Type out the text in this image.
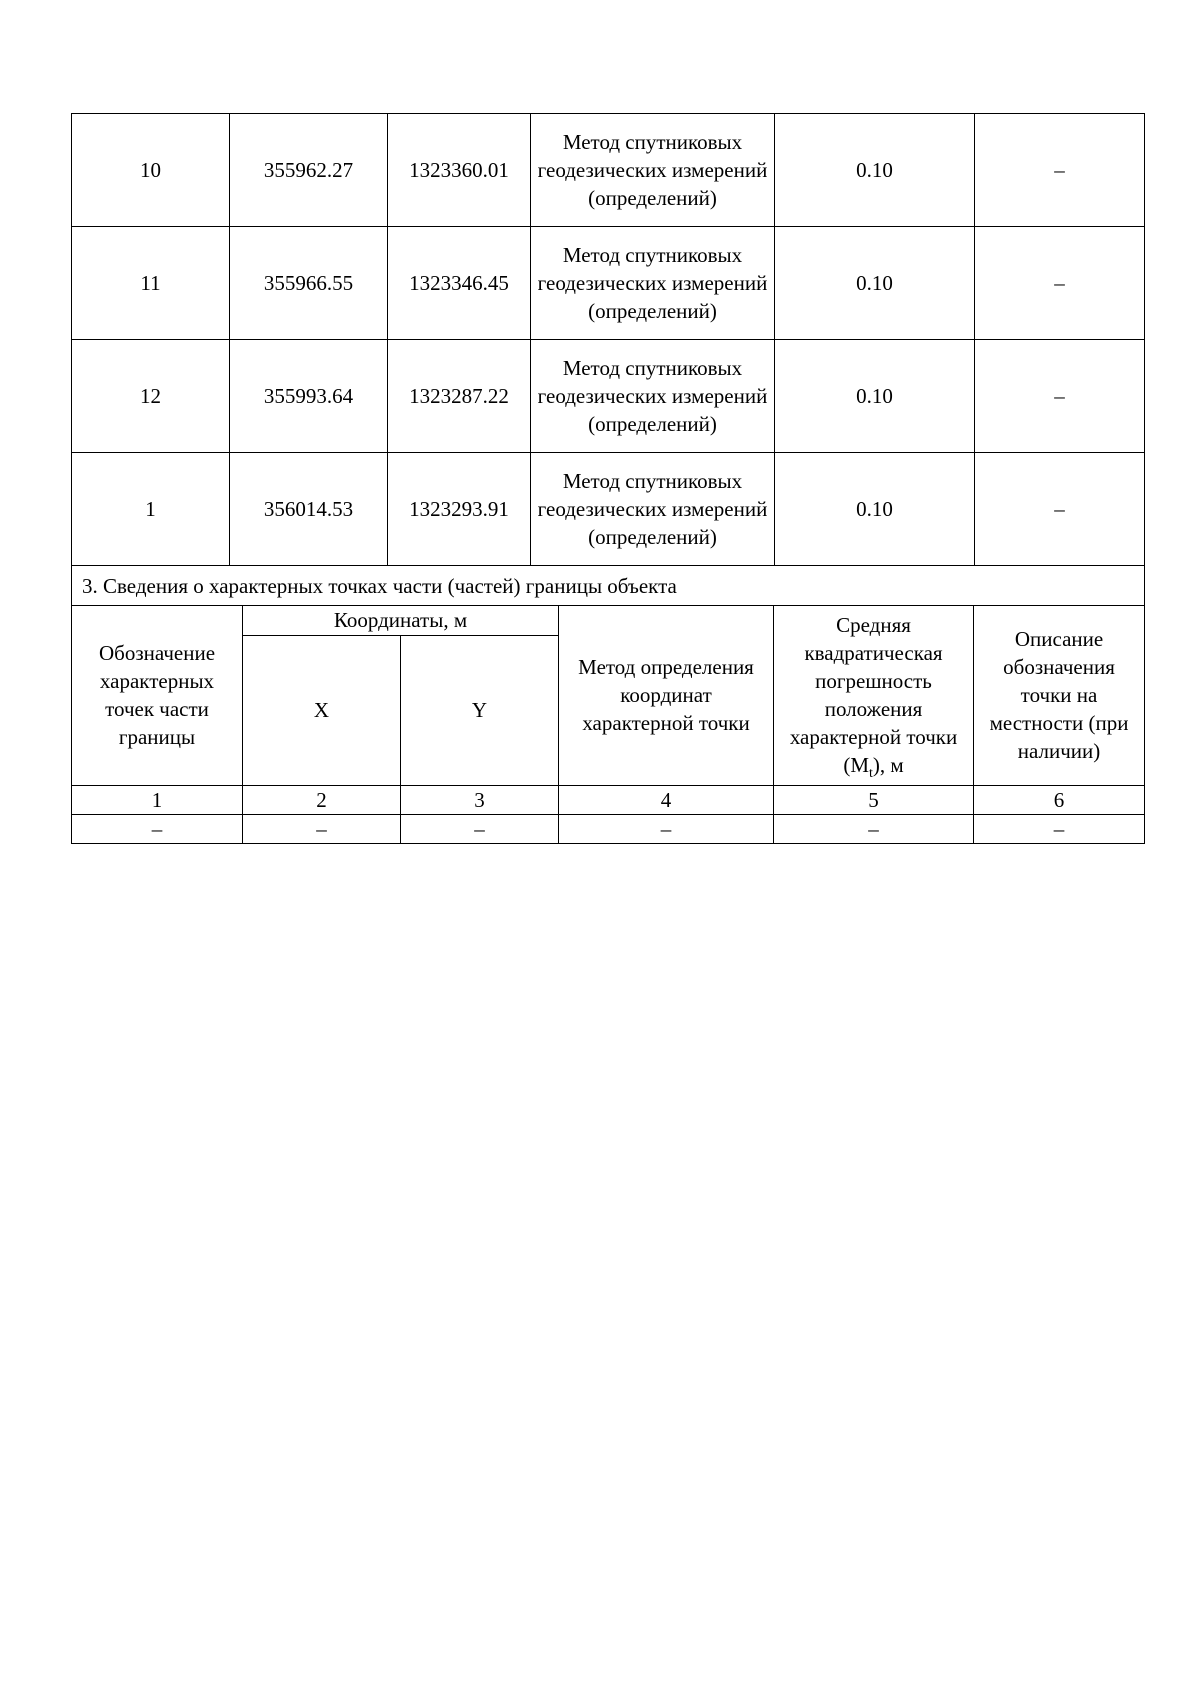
10	355962.27	1323360.01	Метод спутниковых геодезических измерений (определений)	0.10	–
11	355966.55	1323346.45	Метод спутниковых геодезических измерений (определений)	0.10	–
12	355993.64	1323287.22	Метод спутниковых геодезических измерений (определений)	0.10	–
1	356014.53	1323293.91	Метод спутниковых геодезических измерений (определений)	0.10	–
3. Сведения о характерных точках части (частей) границы объекта					
Обозначение характерных точек части границы	Координаты, м		Метод определения координат характерной точки	Средняя квадратическая погрешность положения характерной точки $(M_t)$, м	Описание обозначения точки на местности (при наличии)
	X	Y			
1	2	3	4	5	6
–	–	–	–	–	–
